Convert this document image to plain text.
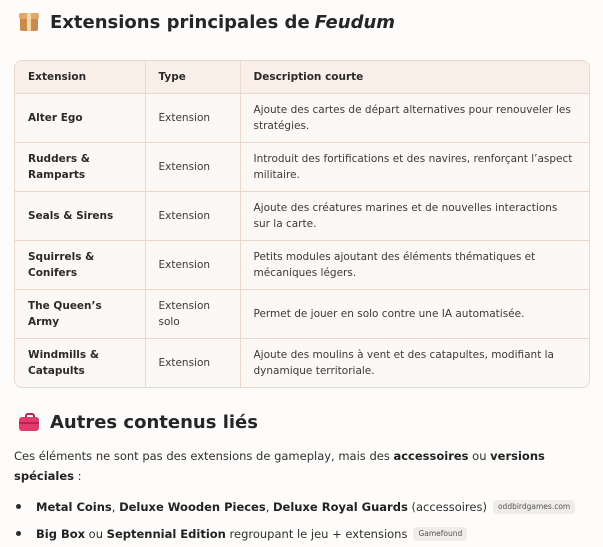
Extensions principales de Feudum
Extension	Type	Description courte
Alter Ego	Extension	Ajoute des cartes de départ alternatives pour renouveler les stratégies.
Rudders & Ramparts	Extension	Introduit des fortifications et des navires, renforçant l’aspect militaire.
Seals & Sirens	Extension	Ajoute des créatures marines et de nouvelles interactions sur la carte.
Squirrels & Conifers	Extension	Petits modules ajoutant des éléments thématiques et mécaniques légers.
The Queen’s Army	Extension solo	Permet de jouer en solo contre une IA automatisée.
Windmills & Catapults	Extension	Ajoute des moulins à vent et des catapultes, modifiant la dynamique territoriale.
Autres contenus liés
Ces éléments ne sont pas des extensions de gameplay, mais des accessoires ou versions spéciales :
Metal Coins, Deluxe Wooden Pieces, Deluxe Royal Guards (accessoires)	oddbirdgames.com
Big Box ou Septennial Edition regroupant le jeu + extensions	Gamefound
